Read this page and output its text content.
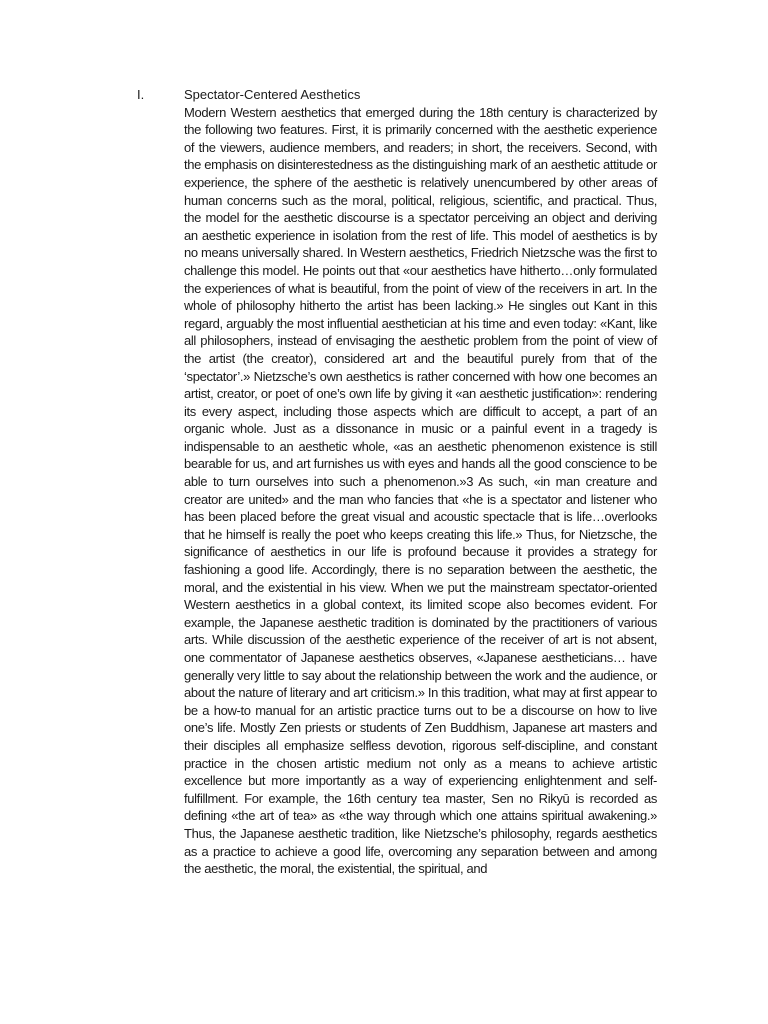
I.	Spectator-Centered Aesthetics

Modern Western aesthetics that emerged during the 18th century is characterized by the following two features. First, it is primarily concerned with the aesthetic experience of the viewers, audience members, and readers; in short, the receivers. Second, with the emphasis on disinterestedness as the distinguishing mark of an aesthetic attitude or experience, the sphere of the aesthetic is relatively unencumbered by other areas of human concerns such as the moral, political, religious, scientific, and practical. Thus, the model for the aesthetic discourse is a spectator perceiving an object and deriving an aesthetic experience in isolation from the rest of life. This model of aesthetics is by no means universally shared. In Western aesthetics, Friedrich Nietzsche was the first to challenge this model. He points out that «our aesthetics have hitherto…only formulated the experiences of what is beautiful, from the point of view of the receivers in art. In the whole of philosophy hitherto the artist has been lacking.» He singles out Kant in this regard, arguably the most influential aesthetician at his time and even today: «Kant, like all philosophers, instead of envisaging the aesthetic problem from the point of view of the artist (the creator), considered art and the beautiful purely from that of the ‘spectator’.» Nietzsche’s own aesthetics is rather concerned with how one becomes an artist, creator, or poet of one’s own life by giving it «an aesthetic justification»: rendering its every aspect, including those aspects which are difficult to accept, a part of an organic whole. Just as a dissonance in music or a painful event in a tragedy is indispensable to an aesthetic whole, «as an aesthetic phenomenon existence is still bearable for us, and art furnishes us with eyes and hands all the good conscience to be able to turn ourselves into such a phenomenon.»3 As such, «in man creature and creator are united» and the man who fancies that «he is a spectator and listener who has been placed before the great visual and acoustic spectacle that is life…overlooks that he himself is really the poet who keeps creating this life.» Thus, for Nietzsche, the significance of aesthetics in our life is profound because it provides a strategy for fashioning a good life. Accordingly, there is no separation between the aesthetic, the moral, and the existential in his view. When we put the mainstream spectator-oriented Western aesthetics in a global context, its limited scope also becomes evident. For example, the Japanese aesthetic tradition is dominated by the practitioners of various arts. While discussion of the aesthetic experience of the receiver of art is not absent, one commentator of Japanese aesthetics observes, «Japanese aestheticians… have generally very little to say about the relationship between the work and the audience, or about the nature of literary and art criticism.» In this tradition, what may at first appear to be a how-to manual for an artistic practice turns out to be a discourse on how to live one’s life. Mostly Zen priests or students of Zen Buddhism, Japanese art masters and their disciples all emphasize selfless devotion, rigorous self-discipline, and constant practice in the chosen artistic medium not only as a means to achieve artistic excellence but more importantly as a way of experiencing enlightenment and self-fulfillment. For example, the 16th century tea master, Sen no Rikyū is recorded as defining «the art of tea» as «the way through which one attains spiritual awakening.» Thus, the Japanese aesthetic tradition, like Nietzsche’s philosophy, regards aesthetics as a practice to achieve a good life, overcoming any separation between and among the aesthetic, the moral, the existential, the spiritual, and
